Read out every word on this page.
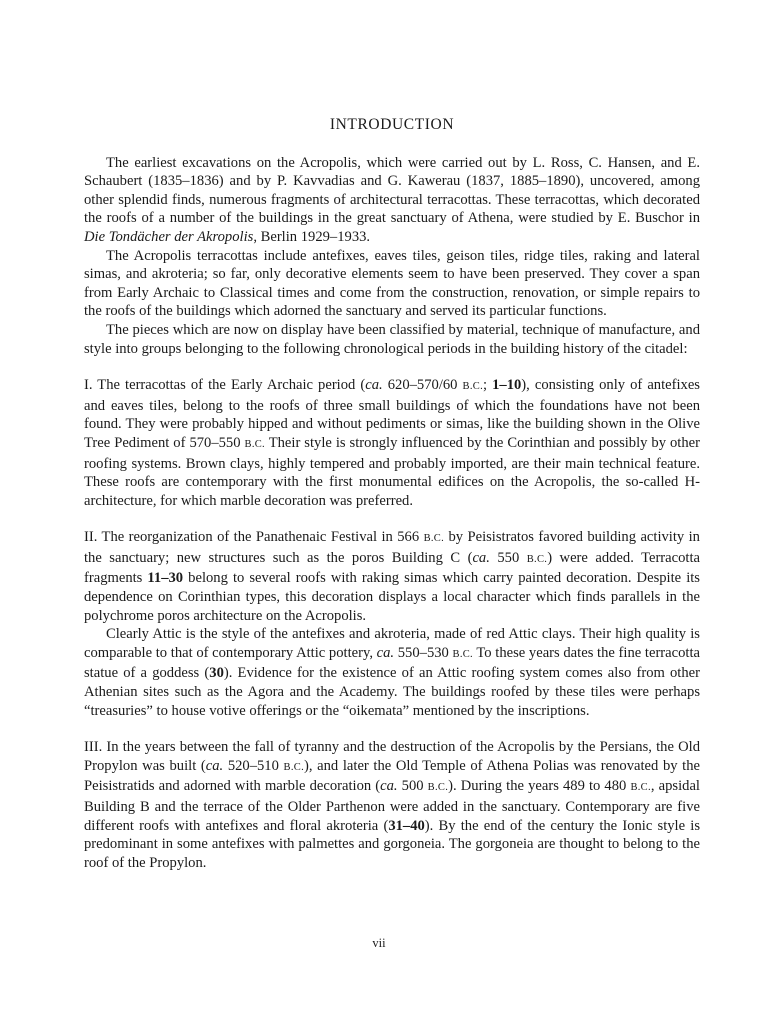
INTRODUCTION

The earliest excavations on the Acropolis, which were carried out by L. Ross, C. Hansen, and E. Schaubert (1835–1836) and by P. Kavvadias and G. Kawerau (1837, 1885–1890), uncovered, among other splendid finds, numerous fragments of architectural terracottas. These terracottas, which decorated the roofs of a number of the buildings in the great sanctuary of Athena, were studied by E. Buschor in Die Tondächer der Akropolis, Berlin 1929–1933.

The Acropolis terracottas include antefixes, eaves tiles, geison tiles, ridge tiles, raking and lateral simas, and akroteria; so far, only decorative elements seem to have been preserved. They cover a span from Early Archaic to Classical times and come from the construction, renovation, or simple repairs to the roofs of the buildings which adorned the sanctuary and served its particular functions.

The pieces which are now on display have been classified by material, technique of manufacture, and style into groups belonging to the following chronological periods in the building history of the citadel:

I. The terracottas of the Early Archaic period (ca. 620–570/60 B.C.; 1–10), consisting only of antefixes and eaves tiles, belong to the roofs of three small buildings of which the foundations have not been found. They were probably hipped and without pediments or simas, like the building shown in the Olive Tree Pediment of 570–550 B.C. Their style is strongly influenced by the Corinthian and possibly by other roofing systems. Brown clays, highly tempered and probably imported, are their main technical feature. These roofs are contemporary with the first monumental edifices on the Acropolis, the so-called H-architecture, for which marble decoration was preferred.

II. The reorganization of the Panathenaic Festival in 566 B.C. by Peisistratos favored building activity in the sanctuary; new structures such as the poros Building C (ca. 550 B.C.) were added. Terracotta fragments 11–30 belong to several roofs with raking simas which carry painted decoration. Despite its dependence on Corinthian types, this decoration displays a local character which finds parallels in the polychrome poros architecture on the Acropolis.

Clearly Attic is the style of the antefixes and akroteria, made of red Attic clays. Their high quality is comparable to that of contemporary Attic pottery, ca. 550–530 B.C. To these years dates the fine terracotta statue of a goddess (30). Evidence for the existence of an Attic roofing system comes also from other Athenian sites such as the Agora and the Academy. The buildings roofed by these tiles were perhaps “treasuries” to house votive offerings or the “oikemata” mentioned by the inscriptions.

III. In the years between the fall of tyranny and the destruction of the Acropolis by the Persians, the Old Propylon was built (ca. 520–510 B.C.), and later the Old Temple of Athena Polias was renovated by the Peisistratids and adorned with marble decoration (ca. 500 B.C.). During the years 489 to 480 B.C., apsidal Building B and the terrace of the Older Parthenon were added in the sanctuary. Contemporary are five different roofs with antefixes and floral akroteria (31–40). By the end of the century the Ionic style is predominant in some antefixes with palmettes and gorgoneia. The gorgoneia are thought to belong to the roof of the Propylon.

vii
